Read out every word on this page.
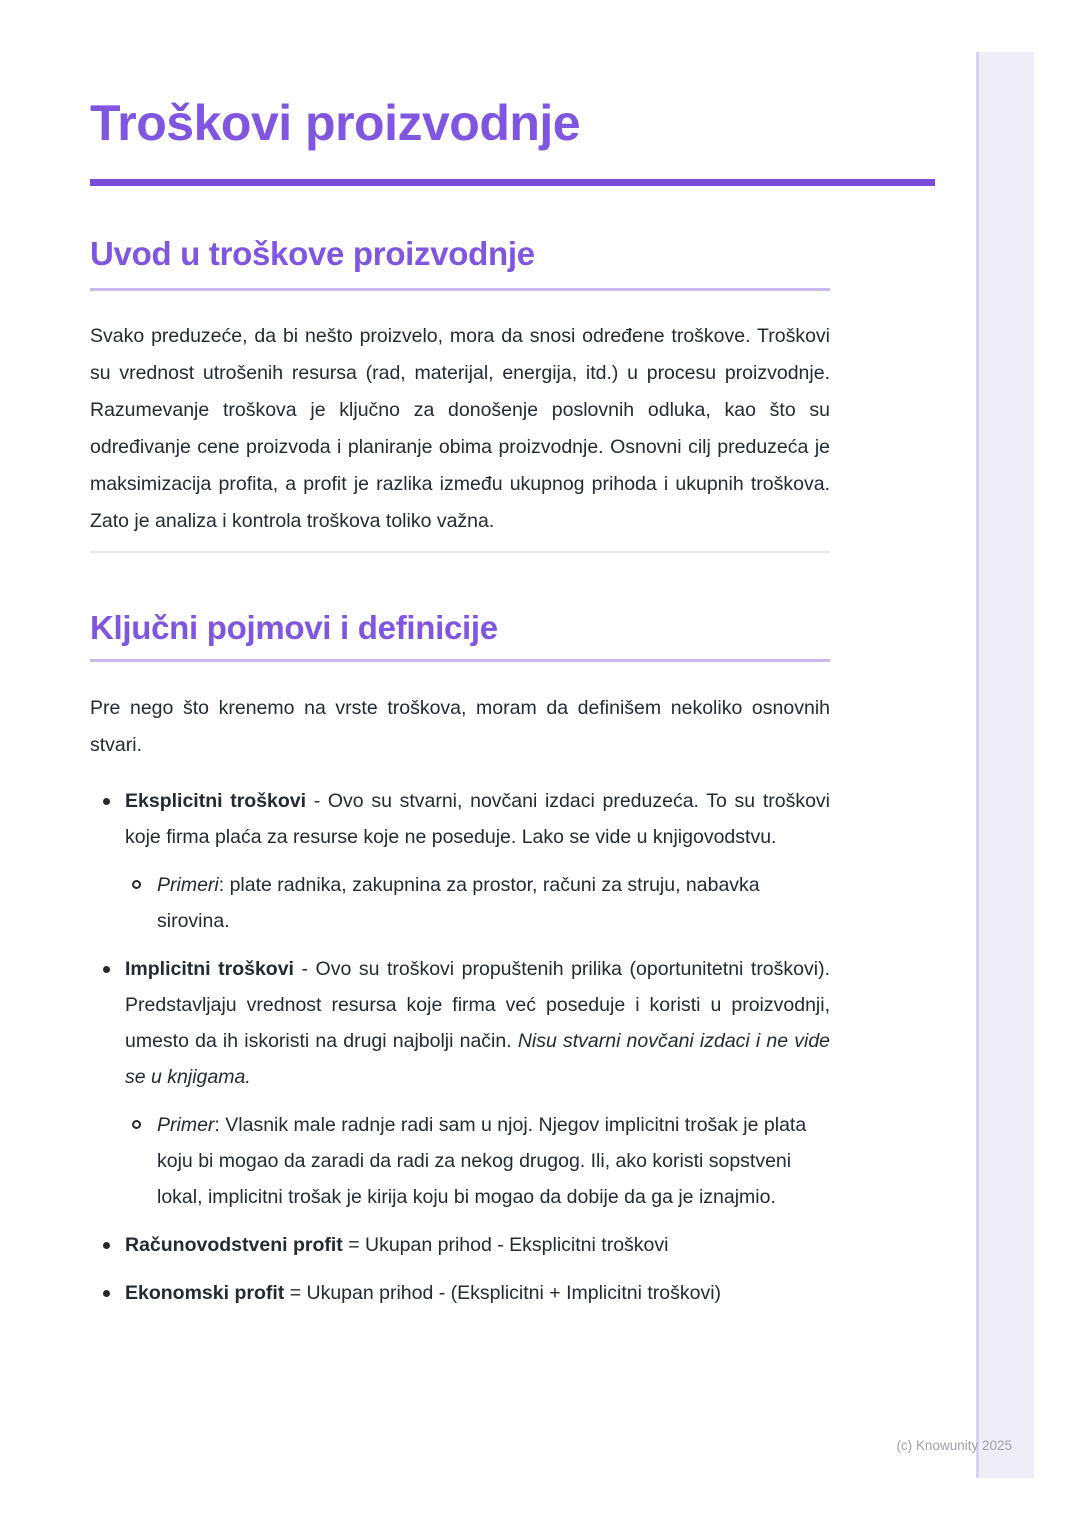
Troškovi proizvodnje
Uvod u troškove proizvodnje

Svako preduzeće, da bi nešto proizvelo, mora da snosi određene troškove. Troškovi su vrednost utrošenih resursa (rad, materijal, energija, itd.) u procesu proizvodnje. Razumevanje troškova je ključno za donošenje poslovnih odluka, kao što su određivanje cene proizvoda i planiranje obima proizvodnje. Osnovni cilj preduzeća je maksimizacija profita, a profit je razlika između ukupnog prihoda i ukupnih troškova. Zato je analiza i kontrola troškova toliko važna.

Ključni pojmovi i definicije

Pre nego što krenemo na vrste troškova, moram da definišem nekoliko osnovnih stvari.

Eksplicitni troškovi - Ovo su stvarni, novčani izdaci preduzeća. To su troškovi koje firma plaća za resurse koje ne poseduje. Lako se vide u knjigovodstvu.
Primeri: plate radnika, zakupnina za prostor, računi za struju, nabavka sirovina.
Implicitni troškovi - Ovo su troškovi propuštenih prilika (oportunitetni troškovi). Predstavljaju vrednost resursa koje firma već poseduje i koristi u proizvodnji, umesto da ih iskoristi na drugi najbolji način. Nisu stvarni novčani izdaci i ne vide se u knjigama.
Primer: Vlasnik male radnje radi sam u njoj. Njegov implicitni trošak je plata koju bi mogao da zaradi da radi za nekog drugog. Ili, ako koristi sopstveni lokal, implicitni trošak je kirija koju bi mogao da dobije da ga je iznajmio.
Računovodstveni profit = Ukupan prihod - Eksplicitni troškovi
Ekonomski profit = Ukupan prihod - (Eksplicitni + Implicitni troškovi)
(c) Knowunity 2025
